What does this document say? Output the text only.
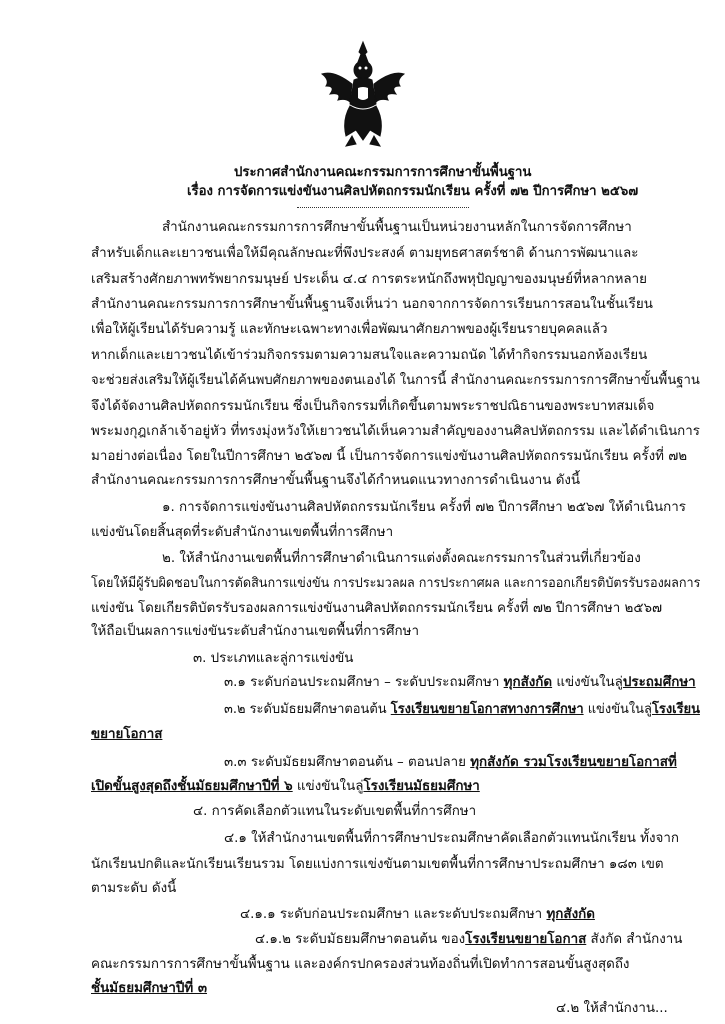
ประกาศสำนักงานคณะกรรมการการศึกษาขั้นพื้นฐาน
เรื่อง การจัดการแข่งขันงานศิลปหัตถกรรมนักเรียน ครั้งที่ ๗๒ ปีการศึกษา ๒๕๖๗
สำนักงานคณะกรรมการการศึกษาขั้นพื้นฐานเป็นหน่วยงานหลักในการจัดการศึกษา
สำหรับเด็กและเยาวชนเพื่อให้มีคุณลักษณะที่พึงประสงค์ ตามยุทธศาสตร์ชาติ ด้านการพัฒนาและ
เสริมสร้างศักยภาพทรัพยากรมนุษย์ ประเด็น ๔.๔ การตระหนักถึงพหุปัญญาของมนุษย์ที่หลากหลาย
สำนักงานคณะกรรมการการศึกษาขั้นพื้นฐานจึงเห็นว่า นอกจากการจัดการเรียนการสอนในชั้นเรียน
เพื่อให้ผู้เรียนได้รับความรู้ และทักษะเฉพาะทางเพื่อพัฒนาศักยภาพของผู้เรียนรายบุคคลแล้ว
หากเด็กและเยาวชนได้เข้าร่วมกิจกรรมตามความสนใจและความถนัด ได้ทำกิจกรรมนอกห้องเรียน
จะช่วยส่งเสริมให้ผู้เรียนได้ค้นพบศักยภาพของตนเองได้ ในการนี้ สำนักงานคณะกรรมการการศึกษาขั้นพื้นฐาน
จึงได้จัดงานศิลปหัตถกรรมนักเรียน ซึ่งเป็นกิจกรรมที่เกิดขึ้นตามพระราชปณิธานของพระบาทสมเด็จ
พระมงกุฎเกล้าเจ้าอยู่หัว ที่ทรงมุ่งหวังให้เยาวชนได้เห็นความสำคัญของงานศิลปหัตถกรรม และได้ดำเนินการ
มาอย่างต่อเนื่อง โดยในปีการศึกษา ๒๕๖๗ นี้ เป็นการจัดการแข่งขันงานศิลปหัตถกรรมนักเรียน ครั้งที่ ๗๒
สำนักงานคณะกรรมการการศึกษาขั้นพื้นฐานจึงได้กำหนดแนวทางการดำเนินงาน ดังนี้
๑. การจัดการแข่งขันงานศิลปหัตถกรรมนักเรียน ครั้งที่ ๗๒ ปีการศึกษา ๒๕๖๗ ให้ดำเนินการ
แข่งขันโดยสิ้นสุดที่ระดับสำนักงานเขตพื้นที่การศึกษา
๒. ให้สำนักงานเขตพื้นที่การศึกษาดำเนินการแต่งตั้งคณะกรรมการในส่วนที่เกี่ยวข้อง
โดยให้มีผู้รับผิดชอบในการตัดสินการแข่งขัน การประมวลผล การประกาศผล และการออกเกียรติบัตรรับรองผลการ
แข่งขัน โดยเกียรติบัตรรับรองผลการแข่งขันงานศิลปหัตถกรรมนักเรียน ครั้งที่ ๗๒ ปีการศึกษา ๒๕๖๗
ให้ถือเป็นผลการแข่งขันระดับสำนักงานเขตพื้นที่การศึกษา
๓. ประเภทและลู่การแข่งขัน
๓.๑ ระดับก่อนประถมศึกษา – ระดับประถมศึกษา ทุกสังกัด แข่งขันในลู่ประถมศึกษา
๓.๒ ระดับมัธยมศึกษาตอนต้น โรงเรียนขยายโอกาสทางการศึกษา แข่งขันในลู่โรงเรียน
ขยายโอกาส
๓.๓ ระดับมัธยมศึกษาตอนต้น – ตอนปลาย ทุกสังกัด รวมโรงเรียนขยายโอกาสที่
เปิดขั้นสูงสุดถึงชั้นมัธยมศึกษาปีที่ ๖ แข่งขันในลู่โรงเรียนมัธยมศึกษา
๔. การคัดเลือกตัวแทนในระดับเขตพื้นที่การศึกษา
๔.๑ ให้สำนักงานเขตพื้นที่การศึกษาประถมศึกษาคัดเลือกตัวแทนนักเรียน ทั้งจาก
นักเรียนปกติและนักเรียนเรียนรวม โดยแบ่งการแข่งขันตามเขตพื้นที่การศึกษาประถมศึกษา ๑๘๓ เขต
ตามระดับ ดังนี้
๔.๑.๑ ระดับก่อนประถมศึกษา และระดับประถมศึกษา ทุกสังกัด
๔.๑.๒ ระดับมัธยมศึกษาตอนต้น ของโรงเรียนขยายโอกาส สังกัด สำนักงาน
คณะกรรมการการศึกษาขั้นพื้นฐาน และองค์กรปกครองส่วนท้องถิ่นที่เปิดทำการสอนขั้นสูงสุดถึง
ชั้นมัธยมศึกษาปีที่ ๓
๔.๒ ให้สำนักงาน...
